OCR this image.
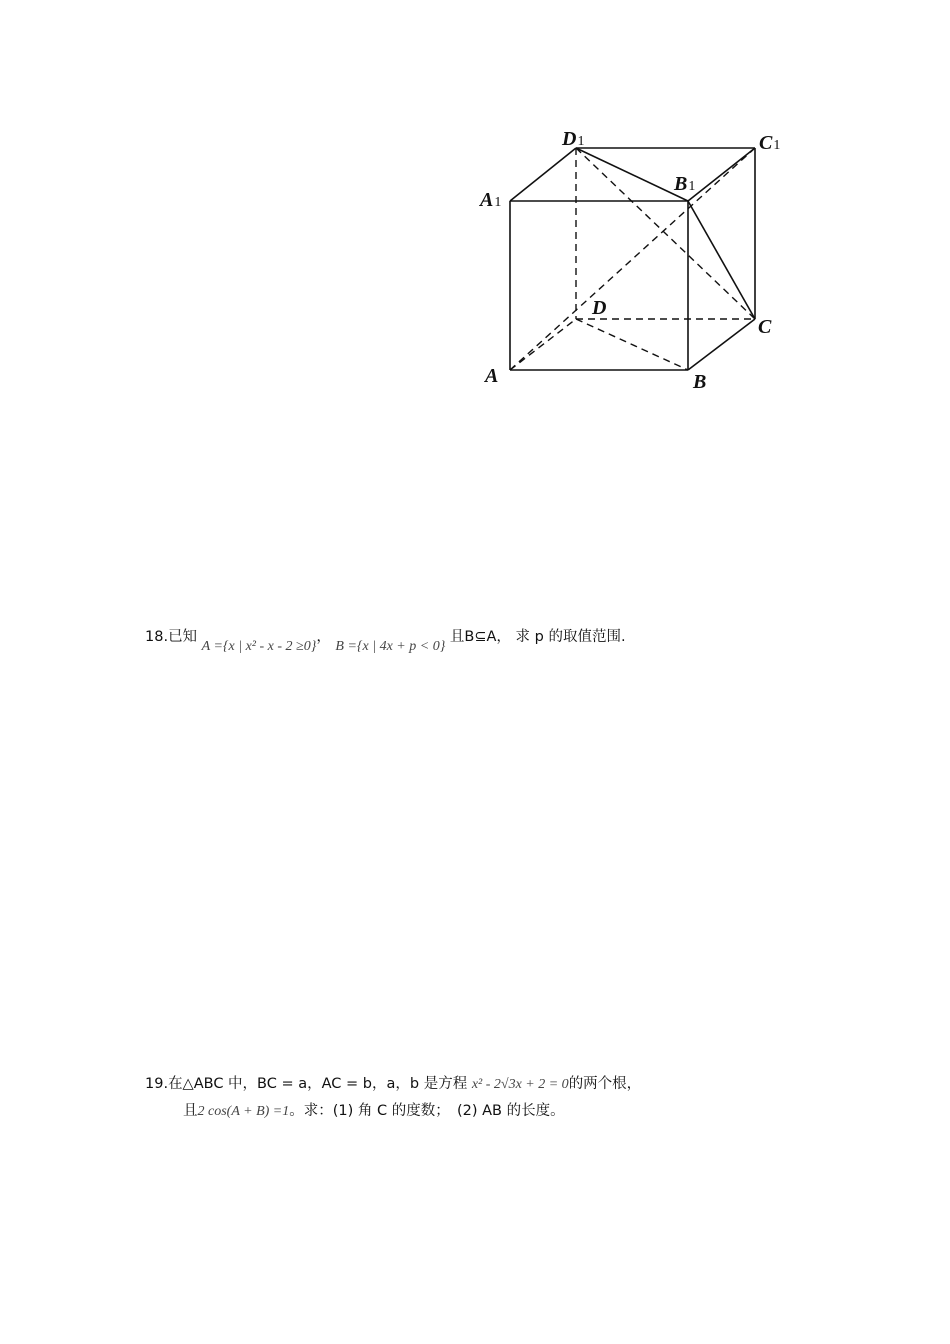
D1	C1
B1
A1
D
C
A	B
18.已知 A ={x | x² - x - 2 ≥0}， B ={x | 4x + p < 0} 且B⊆A， 求 p 的取值范围.
19.在△ABC 中，BC = a，AC = b，a，b 是方程 x² - 2√3x + 2 = 0的两个根，
且2 cos(A + B) =1。求：(1) 角 C 的度数；　(2) AB 的长度。
